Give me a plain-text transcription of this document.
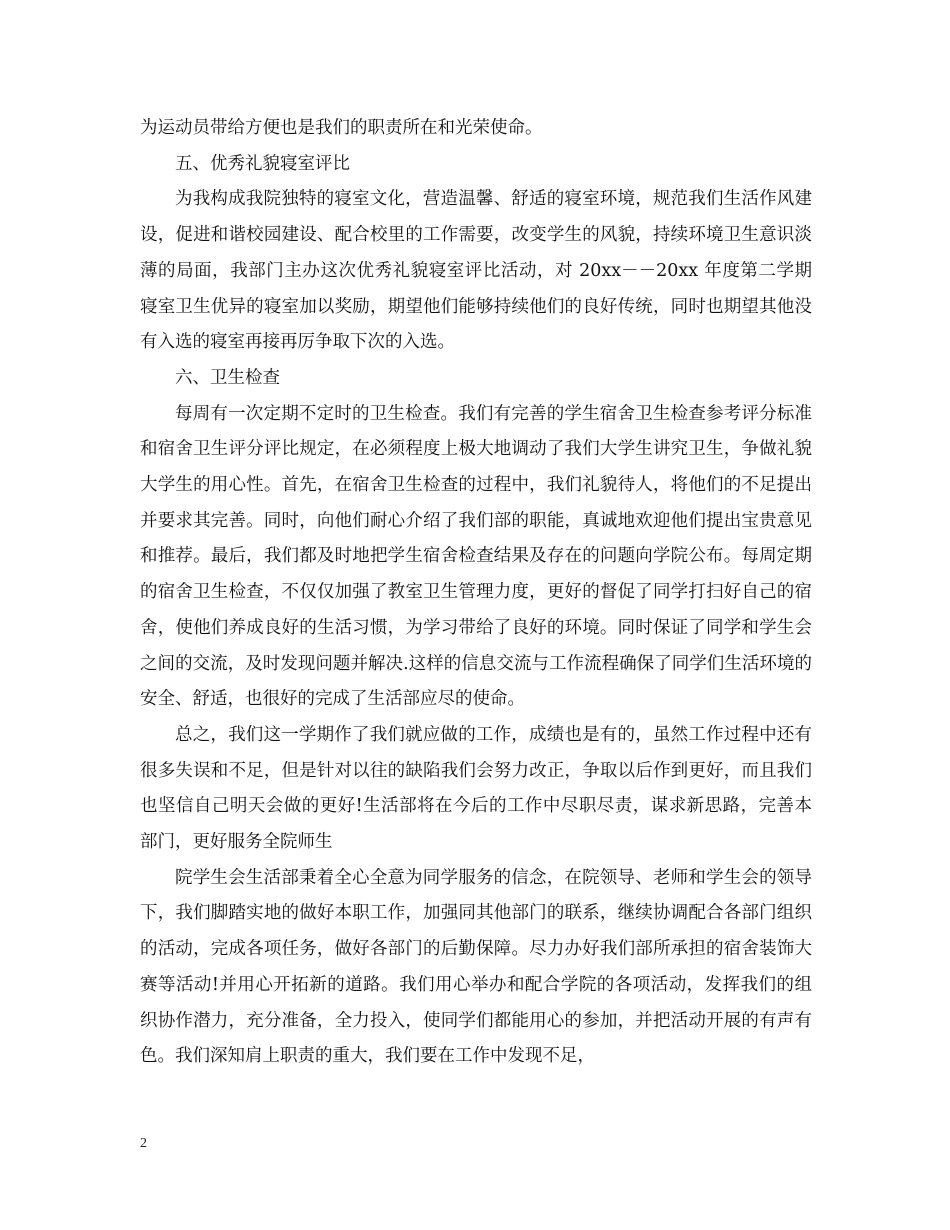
为运动员带给方便也是我们的职责所在和光荣使命。

五、优秀礼貌寝室评比

为我构成我院独特的寝室文化，营造温馨、舒适的寝室环境，规范我们生活作风建设，促进和谐校园建设、配合校里的工作需要，改变学生的风貌，持续环境卫生意识淡薄的局面，我部门主办这次优秀礼貌寝室评比活动，对 20xx－－20xx 年度第二学期寝室卫生优异的寝室加以奖励，期望他们能够持续他们的良好传统，同时也期望其他没有入选的寝室再接再厉争取下次的入选。

六、卫生检查

每周有一次定期不定时的卫生检查。我们有完善的学生宿舍卫生检查参考评分标准和宿舍卫生评分评比规定，在必须程度上极大地调动了我们大学生讲究卫生，争做礼貌大学生的用心性。首先，在宿舍卫生检查的过程中，我们礼貌待人，将他们的不足提出并要求其完善。同时，向他们耐心介绍了我们部的职能，真诚地欢迎他们提出宝贵意见和推荐。最后，我们都及时地把学生宿舍检查结果及存在的问题向学院公布。每周定期的宿舍卫生检查，不仅仅加强了教室卫生管理力度，更好的督促了同学打扫好自己的宿舍，使他们养成良好的生活习惯，为学习带给了良好的环境。同时保证了同学和学生会之间的交流，及时发现问题并解决.这样的信息交流与工作流程确保了同学们生活环境的安全、舒适，也很好的完成了生活部应尽的使命。

总之，我们这一学期作了我们就应做的工作，成绩也是有的，虽然工作过程中还有很多失误和不足，但是针对以往的缺陷我们会努力改正，争取以后作到更好，而且我们也坚信自己明天会做的更好!生活部将在今后的工作中尽职尽责，谋求新思路，完善本部门，更好服务全院师生

院学生会生活部秉着全心全意为同学服务的信念，在院领导、老师和学生会的领导下，我们脚踏实地的做好本职工作，加强同其他部门的联系，继续协调配合各部门组织的活动，完成各项任务，做好各部门的后勤保障。尽力办好我们部所承担的宿舍装饰大赛等活动!并用心开拓新的道路。我们用心举办和配合学院的各项活动，发挥我们的组织协作潜力，充分准备，全力投入，使同学们都能用心的参加，并把活动开展的有声有色。我们深知肩上职责的重大，我们要在工作中发现不足，

2
